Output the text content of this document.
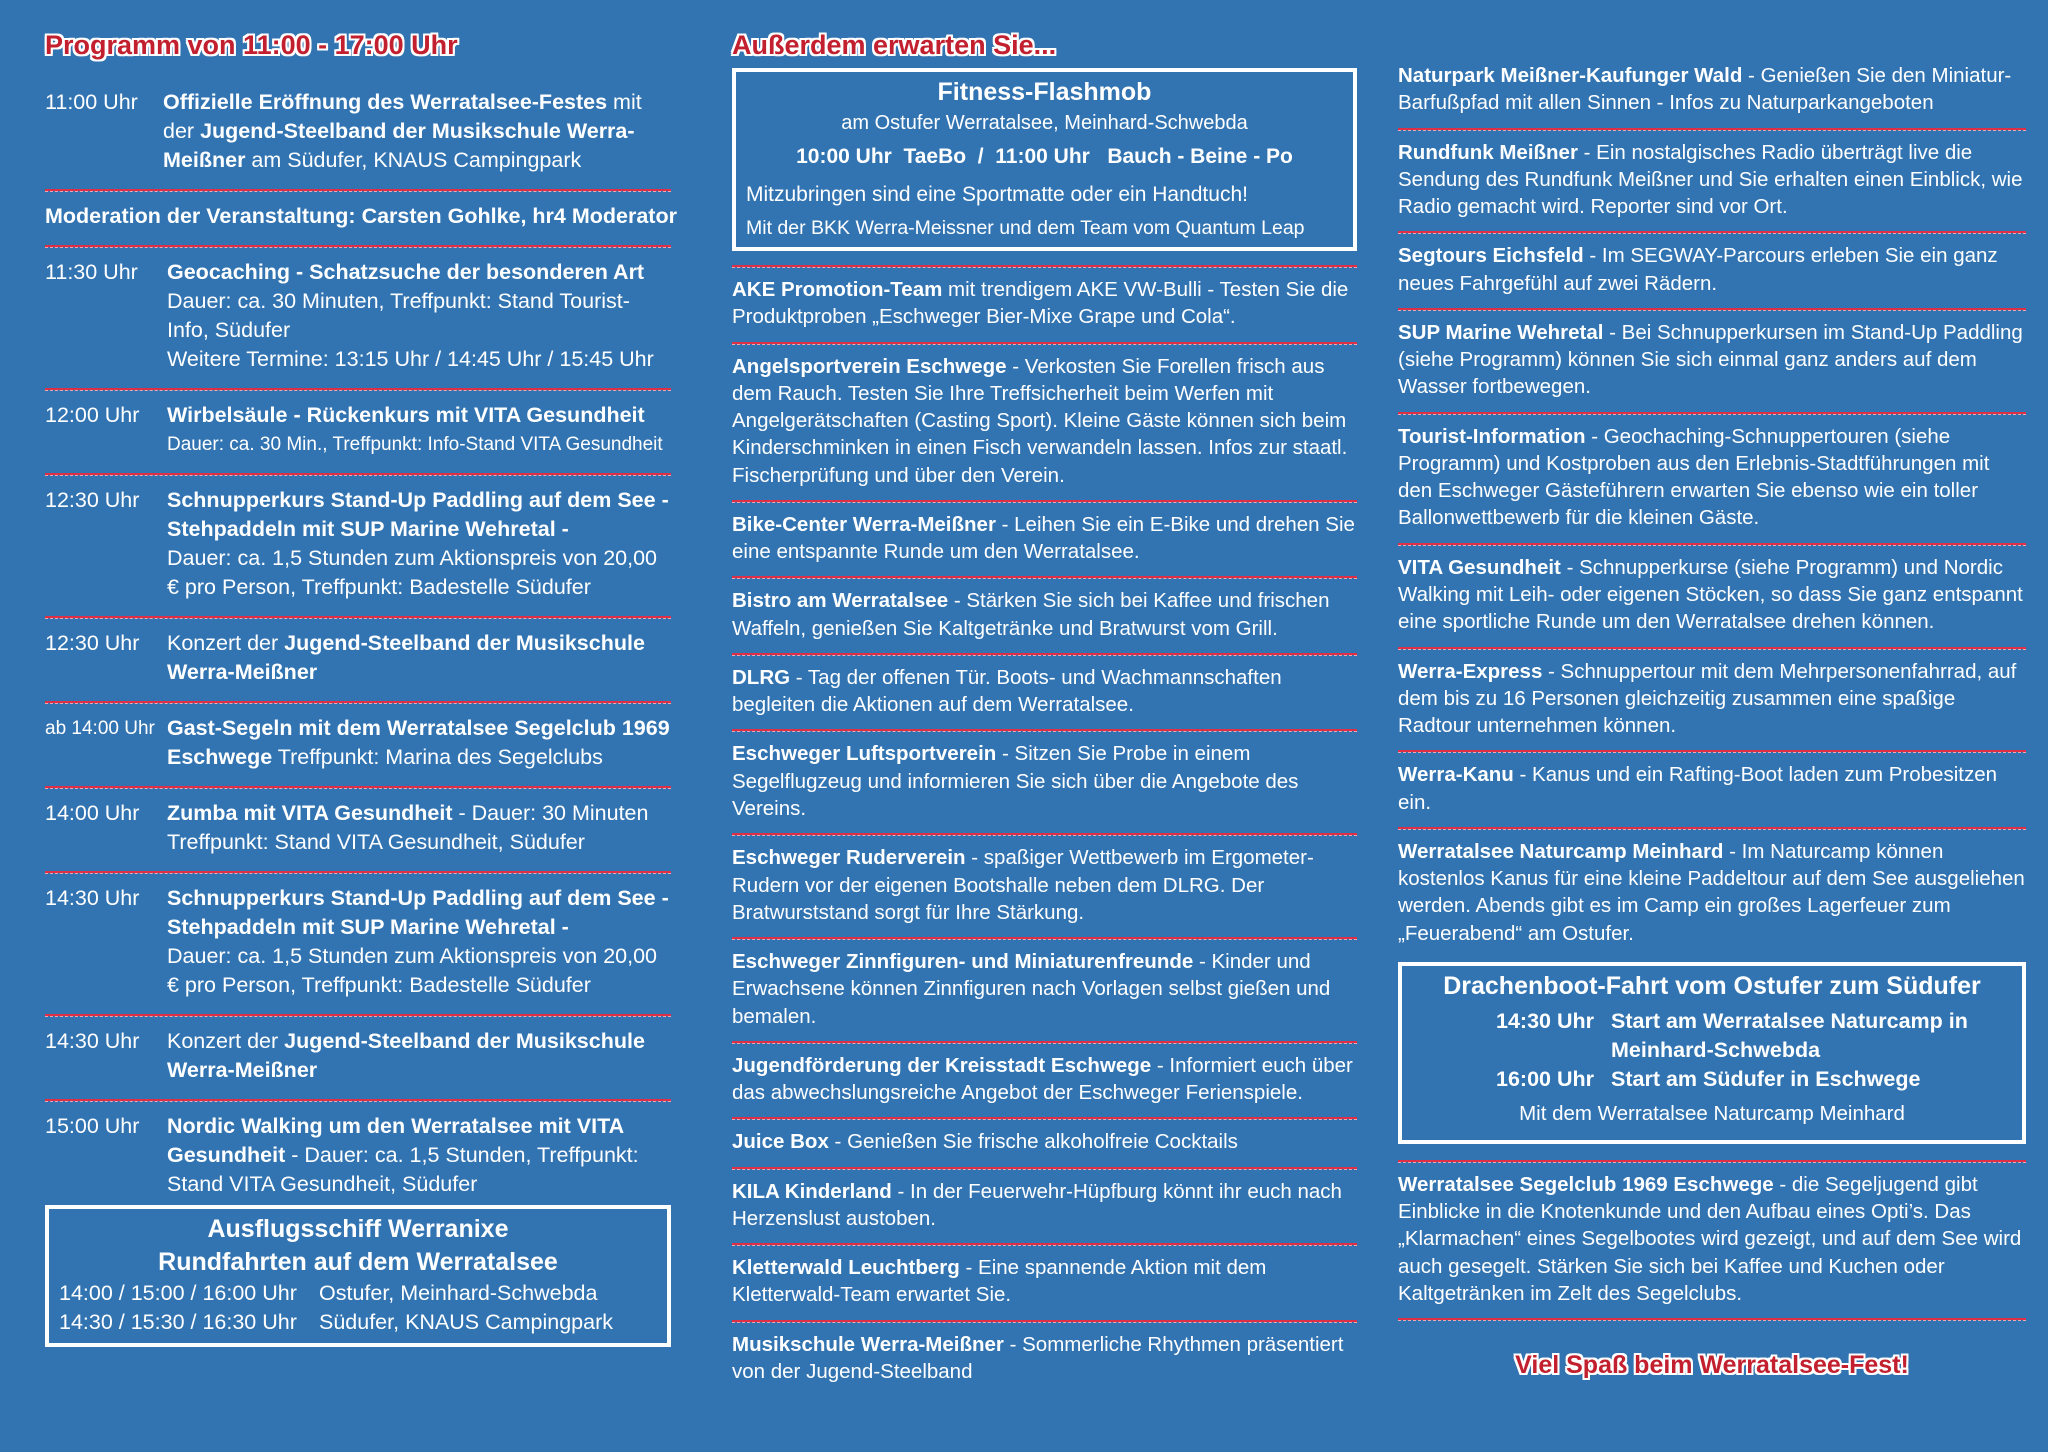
Programm von 11:00 - 17:00 Uhr
11:00 Uhr	Offizielle Eröffnung des Werratalsee-Festes mit der Jugend-Steelband der Musikschule Werra-Meißner am Südufer, KNAUS Campingpark
Moderation der Veranstaltung: Carsten Gohlke, hr4 Moderator
11:30 Uhr	Geocaching - Schatzsuche der besonderen Art
Dauer: ca. 30 Minuten, Treffpunkt: Stand Tourist-Info, Südufer
Weitere Termine: 13:15 Uhr / 14:45 Uhr / 15:45 Uhr
12:00 Uhr	Wirbelsäule - Rückenkurs mit VITA Gesundheit
Dauer: ca. 30 Min., Treffpunkt: Info-Stand VITA Gesundheit
12:30 Uhr	Schnupperkurs Stand-Up Paddling auf dem See - Stehpaddeln mit SUP Marine Wehretal -
Dauer: ca. 1,5 Stunden zum Aktionspreis von 20,00 € pro Person, Treffpunkt: Badestelle Südufer
12:30 Uhr	Konzert der Jugend-Steelband der Musikschule Werra-Meißner
ab 14:00 Uhr Gast-Segeln mit dem Werratalsee Segelclub 1969 Eschwege Treffpunkt: Marina des Segelclubs
14:00 Uhr	Zumba mit VITA Gesundheit - Dauer: 30 Minuten Treffpunkt: Stand VITA Gesundheit, Südufer
14:30 Uhr	Schnupperkurs Stand-Up Paddling auf dem See - Stehpaddeln mit SUP Marine Wehretal -
Dauer: ca. 1,5 Stunden zum Aktionspreis von 20,00 € pro Person, Treffpunkt: Badestelle Südufer
14:30 Uhr	Konzert der Jugend-Steelband der Musikschule Werra-Meißner
15:00 Uhr	Nordic Walking um den Werratalsee mit VITA Gesundheit - Dauer: ca. 1,5 Stunden, Treffpunkt: Stand VITA Gesundheit, Südufer
Ausflugsschiff Werranixe
Rundfahrten auf dem Werratalsee
14:00 / 15:00 / 16:00 Uhr	Ostufer, Meinhard-Schwebda
14:30 / 15:30 / 16:30 Uhr	Südufer, KNAUS Campingpark
Außerdem erwarten Sie...
Fitness-Flashmob
am Ostufer Werratalsee, Meinhard-Schwebda
10:00 Uhr  TaeBo  /  11:00 Uhr   Bauch - Beine - Po
Mitzubringen sind eine Sportmatte oder ein Handtuch!
Mit der BKK Werra-Meissner und dem Team vom Quantum Leap
AKE Promotion-Team mit trendigem AKE VW-Bulli - Testen Sie die Produktproben „Eschweger Bier-Mixe Grape und Cola“.
Angelsportverein Eschwege - Verkosten Sie Forellen frisch aus dem Rauch. Testen Sie Ihre Treffsicherheit beim Werfen mit Angelgerätschaften (Casting Sport). Kleine Gäste können sich beim Kinderschminken in einen Fisch verwandeln lassen. Infos zur staatl. Fischerprüfung und über den Verein.
Bike-Center Werra-Meißner - Leihen Sie ein E-Bike und drehen Sie eine entspannte Runde um den Werratalsee.
Bistro am Werratalsee - Stärken Sie sich bei Kaffee und frischen Waffeln, genießen Sie Kaltgetränke und Bratwurst vom Grill.
DLRG - Tag der offenen Tür. Boots- und Wachmannschaften begleiten die Aktionen auf dem Werratalsee.
Eschweger Luftsportverein - Sitzen Sie Probe in einem Segelflugzeug und informieren Sie sich über die Angebote des Vereins.
Eschweger Ruderverein - spaßiger Wettbewerb im Ergometer-Rudern vor der eigenen Bootshalle neben dem DLRG. Der Bratwurststand sorgt für Ihre Stärkung.
Eschweger Zinnfiguren- und Miniaturenfreunde - Kinder und Erwachsene können Zinnfiguren nach Vorlagen selbst gießen und bemalen.
Jugendförderung der Kreisstadt Eschwege - Informiert euch über das abwechslungsreiche Angebot der Eschweger Ferienspiele.
Juice Box - Genießen Sie frische alkoholfreie Cocktails
KILA Kinderland - In der Feuerwehr-Hüpfburg könnt ihr euch nach Herzenslust austoben.
Kletterwald Leuchtberg - Eine spannende Aktion mit dem Kletterwald-Team erwartet Sie.
Musikschule Werra-Meißner - Sommerliche Rhythmen präsentiert von der Jugend-Steelband
Naturpark Meißner-Kaufunger Wald - Genießen Sie den Miniatur-Barfußpfad mit allen Sinnen - Infos zu Naturparkangeboten
Rundfunk Meißner - Ein nostalgisches Radio überträgt live die Sendung des Rundfunk Meißner und Sie erhalten einen Einblick, wie Radio gemacht wird. Reporter sind vor Ort.
Segtours Eichsfeld - Im SEGWAY-Parcours erleben Sie ein ganz neues Fahrgefühl auf zwei Rädern.
SUP Marine Wehretal - Bei Schnupperkursen im Stand-Up Paddling (siehe Programm) können Sie sich einmal ganz anders auf dem Wasser fortbewegen.
Tourist-Information - Geochaching-Schnuppertouren (siehe Programm) und Kostproben aus den Erlebnis-Stadtführungen mit den Eschweger Gästeführern erwarten Sie ebenso wie ein toller Ballonwettbewerb für die kleinen Gäste.
VITA Gesundheit - Schnupperkurse (siehe Programm) und Nordic Walking mit Leih- oder eigenen Stöcken, so dass Sie ganz entspannt eine sportliche Runde um den Werratalsee drehen können.
Werra-Express - Schnuppertour mit dem Mehrpersonenfahrrad, auf dem bis zu 16 Personen gleichzeitig zusammen eine spaßige Radtour unternehmen können.
Werra-Kanu - Kanus und ein Rafting-Boot laden zum Probesitzen ein.
Werratalsee Naturcamp Meinhard - Im Naturcamp können kostenlos Kanus für eine kleine Paddeltour auf dem See ausgeliehen werden. Abends gibt es im Camp ein großes Lagerfeuer zum „Feuerabend“ am Ostufer.
Drachenboot-Fahrt vom Ostufer zum Südufer
14:30 Uhr Start am Werratalsee Naturcamp in Meinhard-Schwebda
16:00 Uhr Start am Südufer in Eschwege
Mit dem Werratalsee Naturcamp Meinhard
Werratalsee Segelclub 1969 Eschwege - die Segeljugend gibt Einblicke in die Knotenkunde und den Aufbau eines Opti’s. Das „Klarmachen“ eines Segelbootes wird gezeigt, und auf dem See wird auch gesegelt. Stärken Sie sich bei Kaffee und Kuchen oder Kaltgetränken im Zelt des Segelclubs.
Viel Spaß beim Werratalsee-Fest!
